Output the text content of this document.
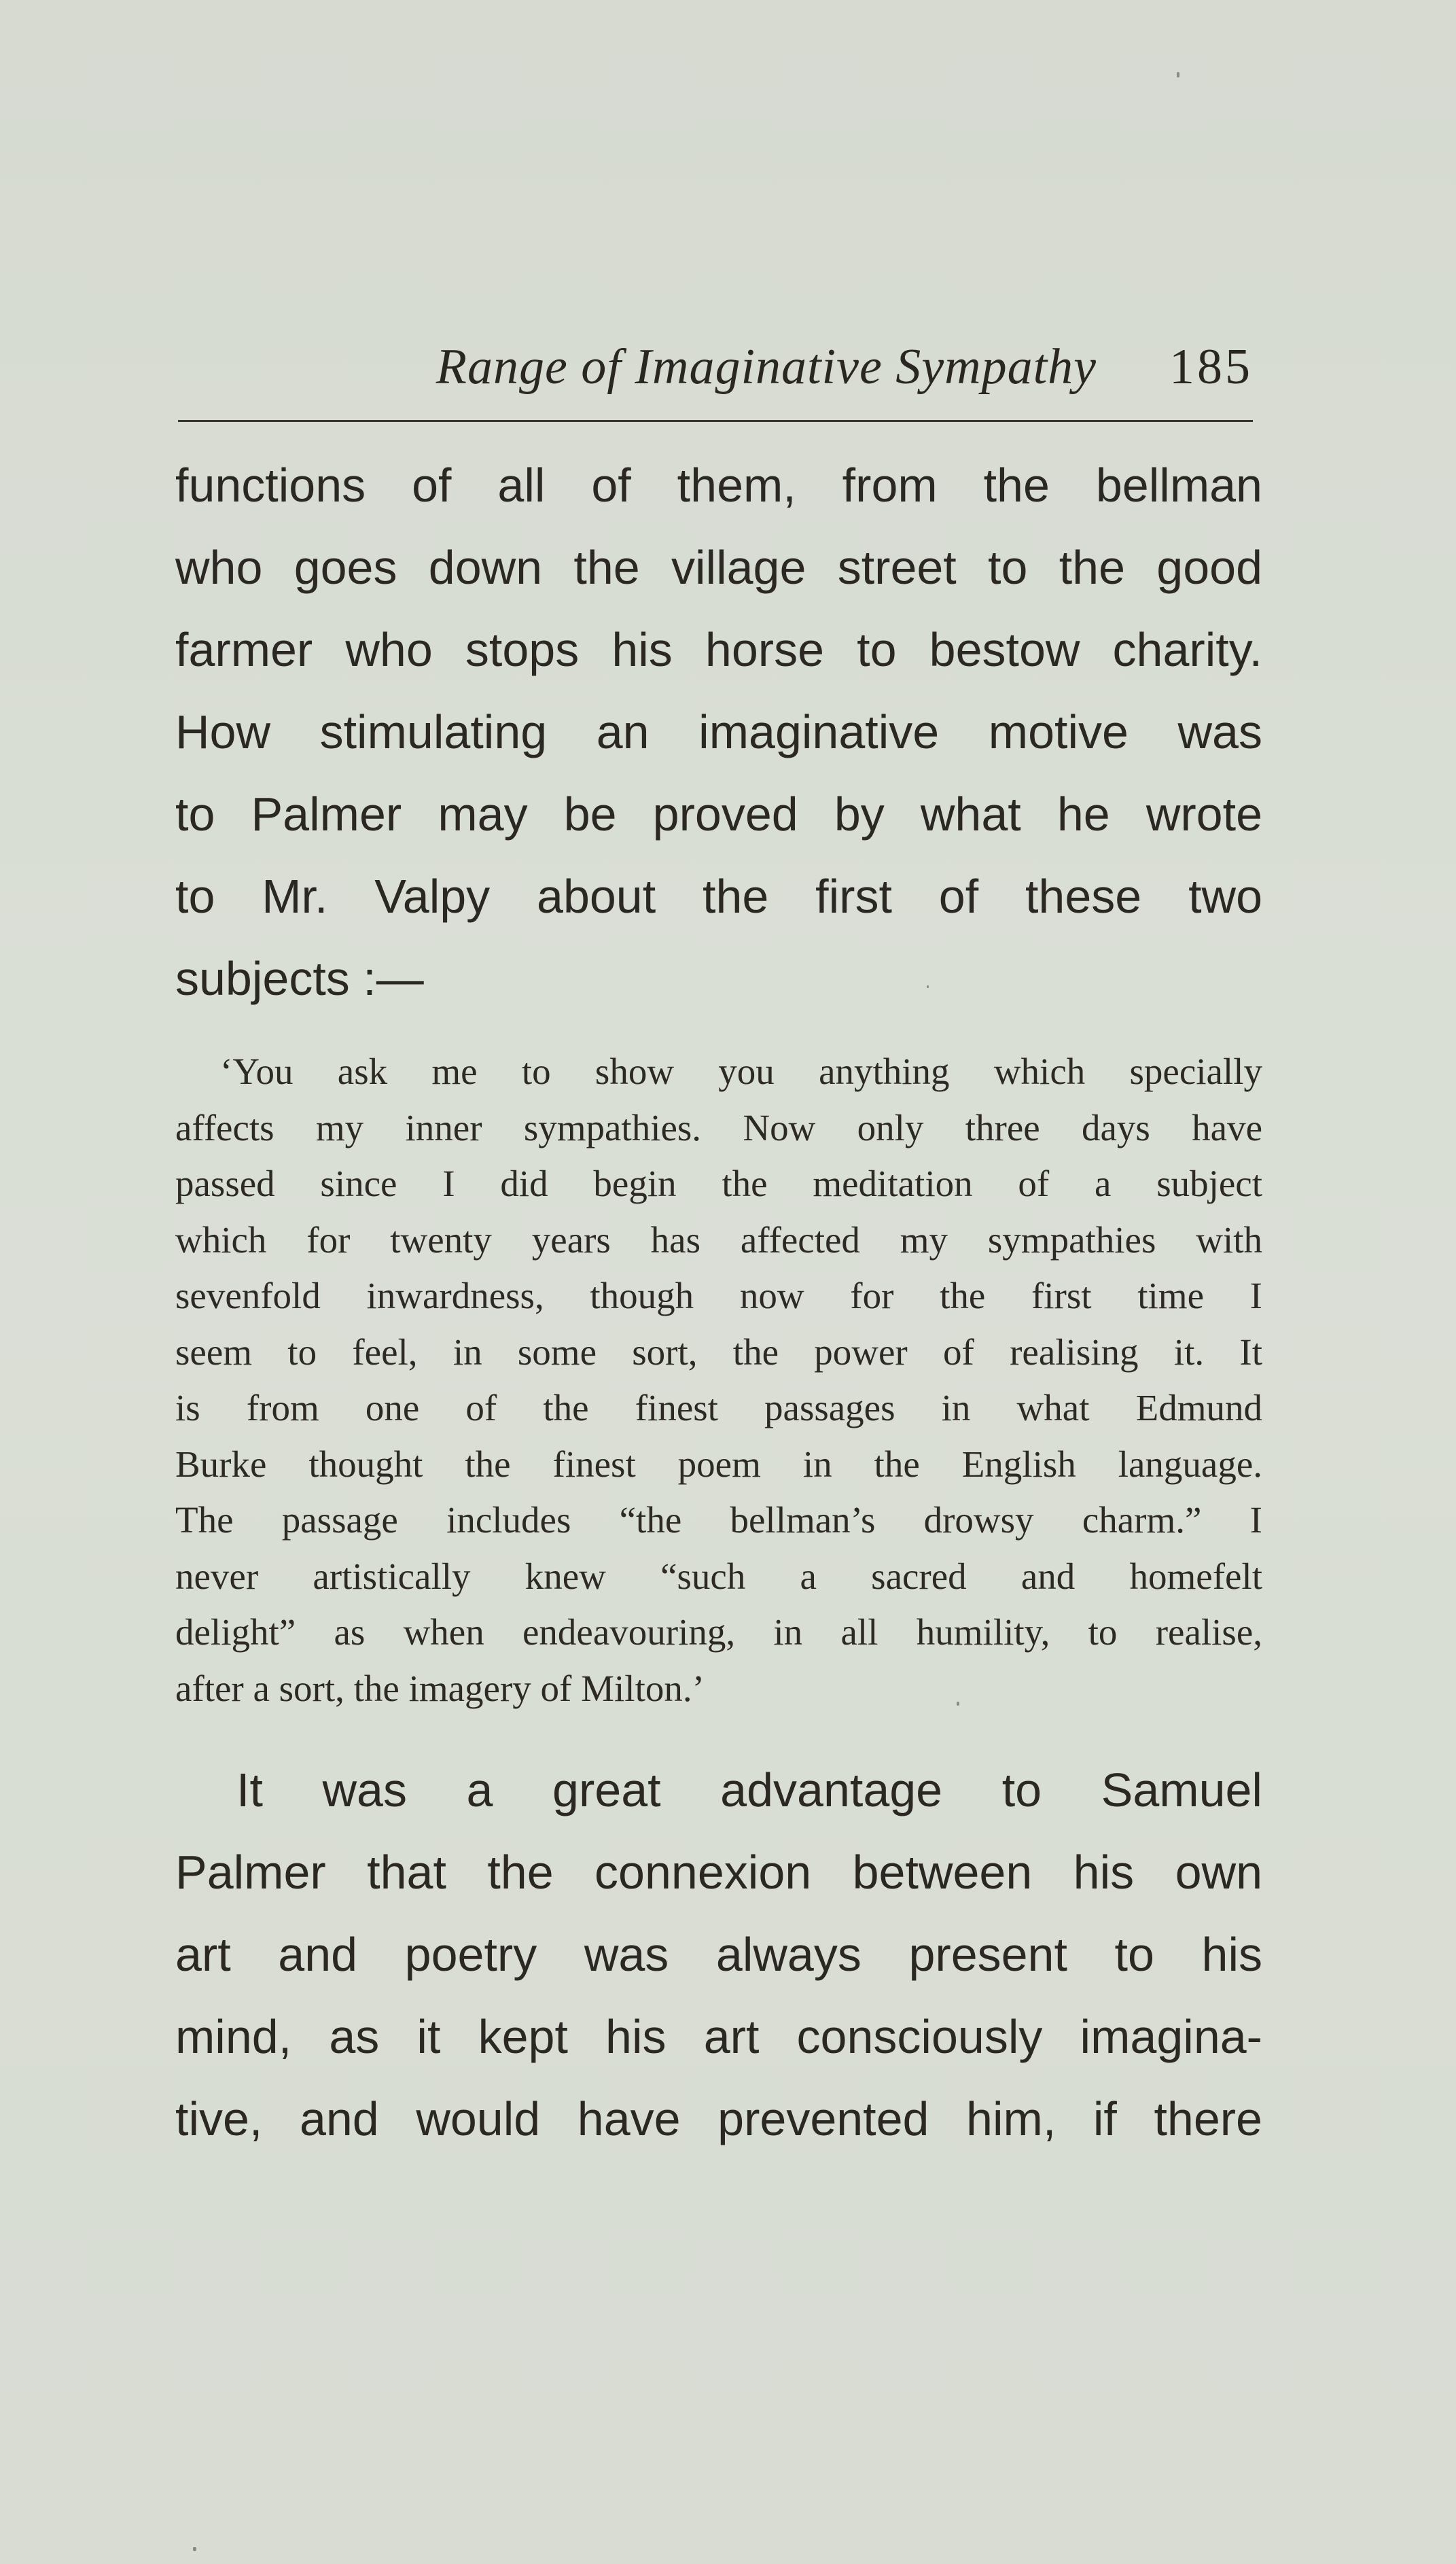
Range of Imaginative Sympathy 185
functions of all of them, from the bellman
who goes down the village street to the good
farmer who stops his horse to bestow charity.
How stimulating an imaginative motive was
to Palmer may be proved by what he wrote
to Mr. Valpy about the first of these two
subjects :—
‘You ask me to show you anything which specially
affects my inner sympathies. Now only three days have
passed since I did begin the meditation of a subject
which for twenty years has affected my sympathies with
sevenfold inwardness, though now for the first time I
seem to feel, in some sort, the power of realising it. It
is from one of the finest passages in what Edmund
Burke thought the finest poem in the English language.
The passage includes “the bellman’s drowsy charm.” I
never artistically knew “such a sacred and homefelt
delight” as when endeavouring, in all humility, to realise,
after a sort, the imagery of Milton.’
It was a great advantage to Samuel
Palmer that the connexion between his own
art and poetry was always present to his
mind, as it kept his art consciously imagina-
tive, and would have prevented him, if there
